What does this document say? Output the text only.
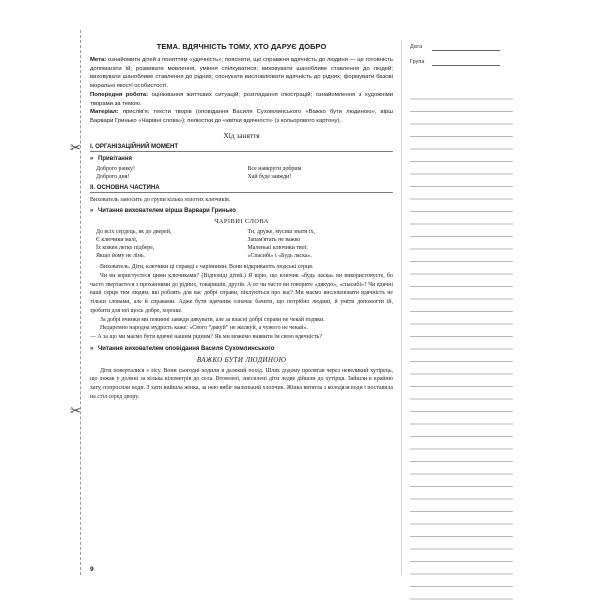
✂
✂
Дата
Група
ТЕМА. ВДЯЧНІСТЬ ТОМУ, ХТО ДАРУЄ ДОБРО

Мета: ознайомити дітей з поняттям «удячність»; пояснити, що справжня вдячність до людини — це готовність допомагати їй; розвивати мовлення, уміння спілкуватися; виховувати шанобливе ставлення до людей; виховувати шанобливе ставлення до рідних; спонукати висловлювати вдячність до рідних; формувати базові моральні якості особистості.

Попередня робота: оцінювання життєвих ситуацій; розглядання ілюстрацій; ознайомлення з художніми творами за темою.

Матеріал: прислів'я; тексти творів (оповідання Василя Сухомлинського «Важко бути людиною», вірш Варвари Гринько «Чарівні слова»); пелюстки до «квітки вдячності» (з кольорового картону).

Хід заняття
І. ОРГАНІЗАЦІЙНИЙ МОМЕНТ
» Привітання
Доброго ранку!
Доброго дня!
Все навкруги добрим
Хай буде завжди!
ІІ. ОСНОВНА ЧАСТИНА

Вихователь заносить до групи кілька золотих ключиків.

» Читання вихователем вірша Варвари Гринько
ЧАРІВНІ СЛОВА
До всіх сердець, як до дверей,
Є ключики малі,
Їх кожен легко підбере,
Якщо йому не лінь.
Ти, друже, мусиш знати їх,
Запам'ятать не важко
Маленькі ключики твої:
«Спасибі» і «Будь ласка».

Вихователь. Діти, ключики ці справді є чарівними. Вони відкривають людські серця.

Чи ви користуєтеся цими ключиками? (Відповіді дітей.) Я вірю, що ключик «будь ласка» ви використовуєте, бо часто звертаєтеся з проханнями до рідних, товаришів, друзів. А от чи часто ви говорите «дякую», «спасибі»? Чи вдячні ваші серця тим людям, які роблять для вас добрі справи, піклуються про вас? Ми маємо висловлювати вдячність не тільки словами, але й справами. Адже бути вдячним означає бачити, що потрібно людині, й уміти допомогти їй, зробити для неї щось добре, хороше.

За добрі вчинки ми повинні завжди дякувати, але за власні добрі справи не чекай подяки.

Недаремно народна мудрість каже: «Свого “дякуй” не жалкуй, а чужого не чекай».

— А за що ми маємо бути вдячні нашим рідним? Як ми можемо виявити їм свою вдячність?

» Читання вихователем оповідання Василя Сухомлинського
ВАЖКО БУТИ ЛЮДИНОЮ

Діти поверталися з лісу. Вони сьогодні ходили в далекий похід. Шлях додому пролягав через невеликий хутірець, що лежав у долині за кілька кілометрів до села. Втомлені, знесилені діти ледве дійшли до хутірця. Зайшли в крайню хату, попросили води. З хати вийшла жінка, за нею вибіг маленький хлопчик. Жінка витягла з колодязя води і поставила на стіл серед двору.

9
